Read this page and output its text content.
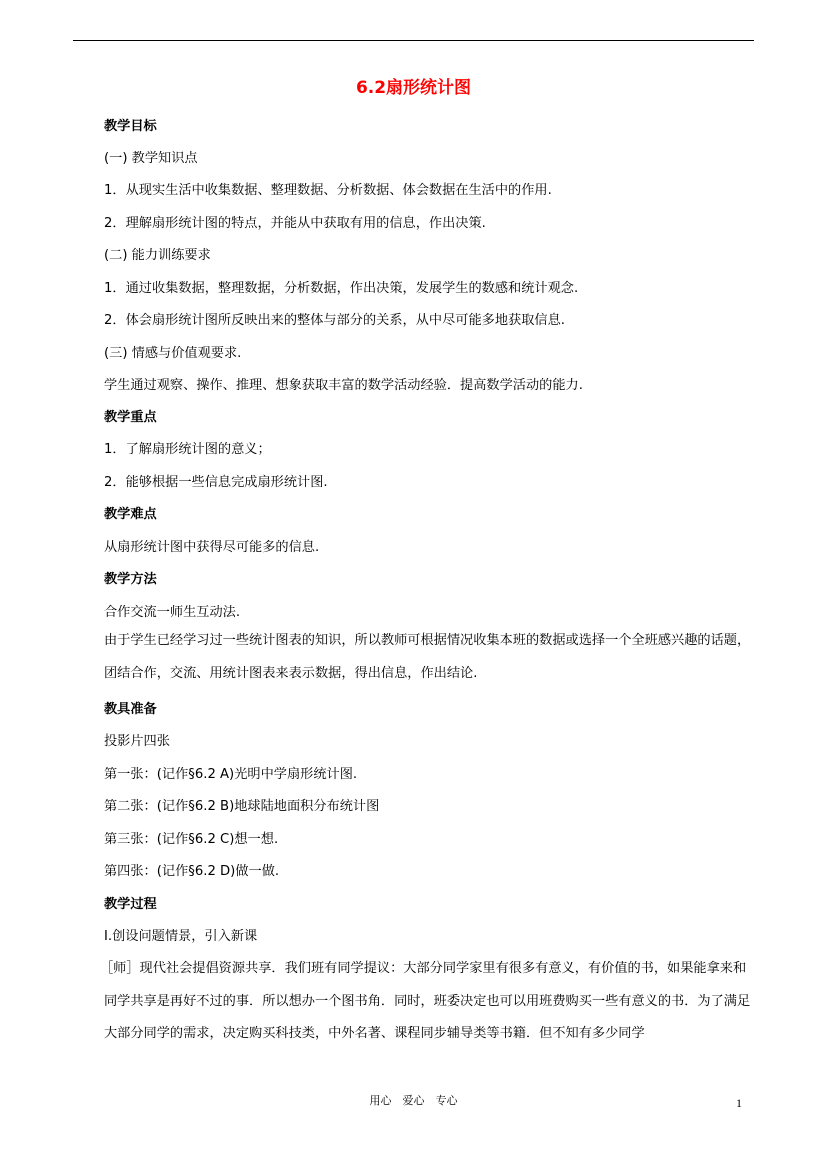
6.2扇形统计图
教学目标
(一) 教学知识点
1．从现实生活中收集数据、整理数据、分析数据、体会数据在生活中的作用.
2．理解扇形统计图的特点，并能从中获取有用的信息，作出决策.
(二) 能力训练要求
1．通过收集数据，整理数据，分析数据，作出决策，发展学生的数感和统计观念.
2．体会扇形统计图所反映出来的整体与部分的关系，从中尽可能多地获取信息.
(三) 情感与价值观要求.
学生通过观察、操作、推理、想象获取丰富的数学活动经验．提高数学活动的能力.
教学重点
1．了解扇形统计图的意义；
2．能够根据一些信息完成扇形统计图.
教学难点
从扇形统计图中获得尽可能多的信息.
教学方法
合作交流一师生互动法.
由于学生已经学习过一些统计图表的知识，所以教师可根据情况收集本班的数据或选择一个全班感兴趣的话题，团结合作，交流、用统计图表来表示数据，得出信息，作出结论.
教具准备
投影片四张
第一张：(记作§6.2 A)光明中学扇形统计图.
第二张：(记作§6.2 B)地球陆地面积分布统计图
第三张：(记作§6.2 C)想一想.
第四张：(记作§6.2 D)做一做.
教学过程
Ⅰ.创设问题情景，引入新课
［师］现代社会提倡资源共享．我们班有同学提议：大部分同学家里有很多有意义，有价值的书，如果能拿来和同学共享是再好不过的事．所以想办一个图书角．同时，班委决定也可以用班费购买一些有意义的书．为了满足大部分同学的需求，决定购买科技类，中外名著、课程同步辅导类等书籍．但不知有多少同学
用心　爱心　专心	1
